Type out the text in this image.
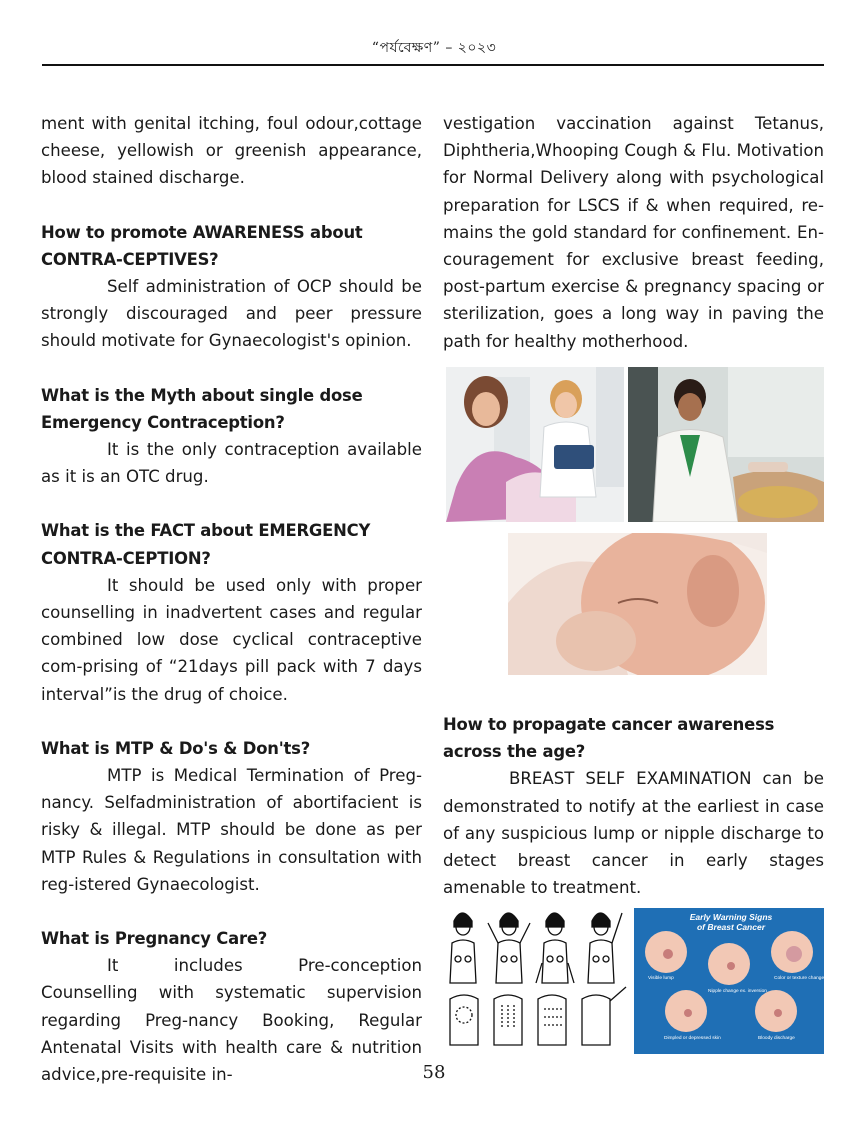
“পর্যবেক্ষণ” – ২০২৩

ment with genital itching, foul odour,cottage cheese, yellowish or greenish appearance, blood stained discharge.

How to promote AWARENESS about CONTRA-CEPTIVES?

Self administration of OCP should be strongly discouraged and peer pressure should motivate for Gynaecologist's opinion.

What is the Myth about single dose Emergency Contraception?

It is the only contraception available as it is an OTC drug.

What is the FACT about EMERGENCY CONTRA-CEPTION?

It should be used only with proper counselling in inadvertent cases and regular combined low dose cyclical contraceptive com-prising of “21days pill pack with 7 days interval”is the drug of choice.

What is MTP & Do's & Don'ts?

MTP is Medical Termination of Preg-nancy. Selfadministration of abortifacient is risky & illegal. MTP should be done as per MTP Rules & Regulations in consultation with reg-istered Gynaecologist.

What is Pregnancy Care?

It includes Pre-conception Counselling with systematic supervision regarding Preg-nancy Booking, Regular Antenatal Visits with health care & nutrition advice,pre-requisite in-

vestigation vaccination against Tetanus, Diphtheria,Whooping Cough & Flu. Motivation for Normal Delivery along with psychological preparation for LSCS if & when required, re-mains the gold standard for confinement. En-couragement for exclusive breast feeding, post-partum exercise & pregnancy spacing or sterilization, goes a long way in paving the path for healthy motherhood.

How to propagate cancer awareness across the age?

BREAST SELF EXAMINATION can be demonstrated to notify at the earliest in case of any suspicious lump or nipple discharge to detect breast cancer in early stages amenable to treatment.

Early Warning Signs
of Breast Cancer
Visible lump	Color or texture change
Nipple change ex. inversion
Dimpled or depressed skin	Bloody discharge
58
